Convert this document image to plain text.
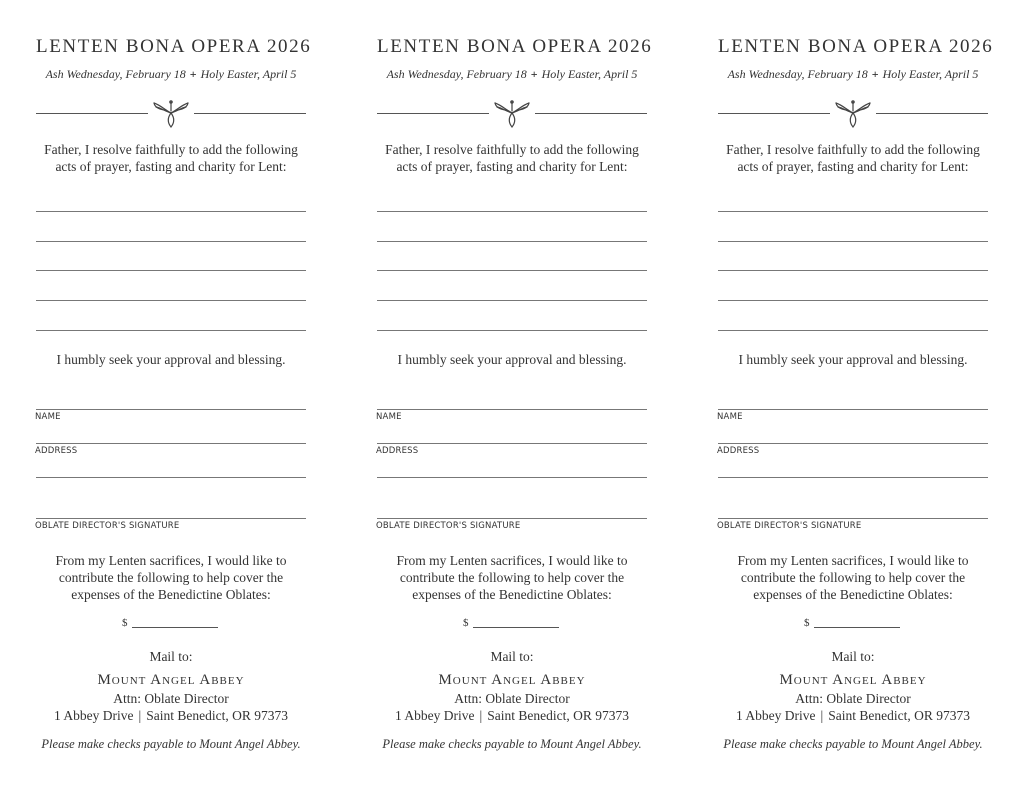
LENTEN BONA OPERA 2026
Ash Wednesday, February 18 + Holy Easter, April 5
Father, I resolve faithfully to add the following
acts of prayer, fasting and charity for Lent:
I humbly seek your approval and blessing.
NAME
ADDRESS
OBLATE DIRECTOR'S SIGNATURE
From my Lenten sacrifices, I would like to
contribute the following to help cover the
expenses of the Benedictine Oblates:
$
Mail to:
Mount Angel Abbey
Attn: Oblate Director
1 Abbey Drive | Saint Benedict, OR 97373
Please make checks payable to Mount Angel Abbey.
LENTEN BONA OPERA 2026
Ash Wednesday, February 18 + Holy Easter, April 5
Father, I resolve faithfully to add the following
acts of prayer, fasting and charity for Lent:
I humbly seek your approval and blessing.
NAME
ADDRESS
OBLATE DIRECTOR'S SIGNATURE
From my Lenten sacrifices, I would like to
contribute the following to help cover the
expenses of the Benedictine Oblates:
$
Mail to:
Mount Angel Abbey
Attn: Oblate Director
1 Abbey Drive | Saint Benedict, OR 97373
Please make checks payable to Mount Angel Abbey.
LENTEN BONA OPERA 2026
Ash Wednesday, February 18 + Holy Easter, April 5
Father, I resolve faithfully to add the following
acts of prayer, fasting and charity for Lent:
I humbly seek your approval and blessing.
NAME
ADDRESS
OBLATE DIRECTOR'S SIGNATURE
From my Lenten sacrifices, I would like to
contribute the following to help cover the
expenses of the Benedictine Oblates:
$
Mail to:
Mount Angel Abbey
Attn: Oblate Director
1 Abbey Drive | Saint Benedict, OR 97373
Please make checks payable to Mount Angel Abbey.
